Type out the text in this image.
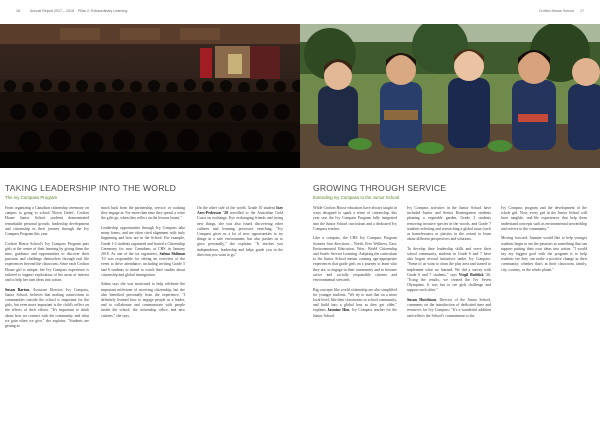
16	Annual Report 2017 – 2018 Pillar 2: Extraordinary Learning
TAKING LEADERSHIP INTO THE WORLD
The Ivy Compass Program

From organizing a Canadian citizenship ceremony on campus to going to school 'Down Under', Crofton House Junior School students demonstrated remarkable personal growth, leadership development and citizenship in their journey through the Ivy Compass Program this year.

Crofton House School's Ivy Compass Program puts girls at the centre of their learning by giving them the time, guidance and opportunities to discover their passions and challenge themselves through real life experiences beyond the classroom. Since each Crofton House girl is unique, her Ivy Compass experience is tailored to support exploration of her areas of interest and to help her turn ideas into action.

Susan Barton, Assistant Director, Ivy Compass, Junior School, believes that making connections to communities outside the school is important for the girls, but even more important is the child's reflect on the effects of their efforts. "It's important to think about how we connect with the community, and what we gain when we give," she explains. "Students are getting as

much back from the partnership, service, or cooking they engage in. For more than time they spend, a write the gifts go, when they reflect on the lessons learnt."

Leadership opportunities through Ivy Compass take many forms, and are often cited alignment with truly happening and how are in the School. For example, Grade 1-2 students organized and hosted a Citizenship Ceremony for new Canadians at CHS in January 2018. As one of the six organizers, Salma Shilman '10 was responsible for setting an overview of the event to drive attendance, including inviting Grade 5 and 6 students to attend to watch their studies about citizenship and global immigration.

Salma says she was motivated to help celebrate the important milestone of receiving citizenship, but she also benefited personally from the experience. "I definitely learned how to engage people as a leader, and to collaborate and communicate with people inside the school, the citizenship office, and new citizens," she says.

On the other side of the world, Grade 10 student Izzy Ares-Pederson '20 travelled to the Australian Gold Coast on exchange. Eye exchanging friends and trying new things, she was also found discovering other cultures and learning processes enriching. "Ivy Compass gives us a lot of new opportunities to try things in a safe environment, but also pushes us to grow personally," she explains. "It teaches you independence, leadership and helps guide you in the direction you want to go."

Crofton House School 17
GROWING THROUGH SERVICE
Extending Ivy Compass to the Junior School

While Crofton House education have always taught in ways designed to spark a sense of citizenship, this year saw the Ivy Compass Program fully integrated into the Junior School curriculum and a dedicated Ivy Compass teacher.

Like a compass, the CHS Ivy Compass Program features four directions – North: Free Wellness, East: Environmental Education, West: World Citizenship and South: Service Learning. Adopting the curriculum to the Junior School means creating age-appropriate experiences that guide girls on a journey to learn who they are, to engage in their community and to become active and socially responsible citizens and environmental stewards.

Big concepts like world citizenship are also simplified for younger students. "We try to start that on a more local level, like their classrooms or school community, and build into a global lens as they get older," explains Jasmine Hon, Ivy Compass teacher for the Junior School.

Ivy Compass activities in the Junior School have included Junior and Senior Kindergarten students planting a vegetable garden, Grade 3 students removing invasive species in the woods, and Grade 7 students selecting and researching a global issue (such as homelessness or plastics in the ocean) to learn about different perspectives and solutions.

To develop their leadership skills and serve their school community, students in Grade 6 and 7 have also begun several initiatives under Ivy Compass. "Some of us want to clean the play area and started to implement what we learned. We did a survey with Grade 6 and 7 students," says Virgil Beddick '26. "Using the results, we created the Ivy Seven Olympians. It was fun to see girls challenge and support each other."

Susan Hutchison, Director of the Junior School, comments on the introduction of dedicated time and resources for Ivy Compass: "It's a wonderful addition and reflects the School's commitment to the

Ivy Compass program and the development of the whole girl. Now, every girl in the Junior School will have tangible, real-life experiences that help them understand concepts such as environmental stewardship and service to the community."

Moving forward, Jasmine would like to help younger students begin to see the passions as something that can support putting their own ideas into action. "I would say my biggest goal with the program is to help students see they can make a positive change in their community, whether that's in their classroom, family, city, country, or the whole planet."
